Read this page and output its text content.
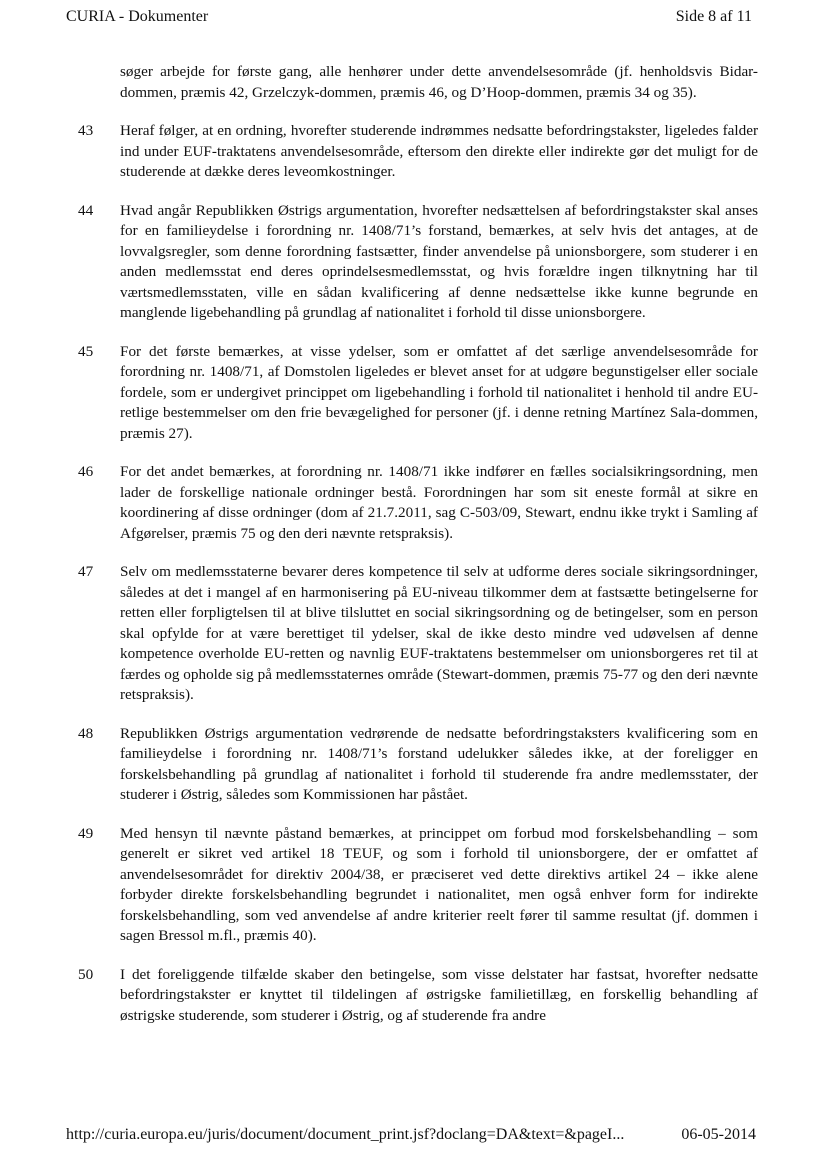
CURIA - Dokumenter	Side 8 af 11
søger arbejde for første gang, alle henhører under dette anvendelsesområde (jf. henholdsvis Bidar-dommen, præmis 42, Grzelczyk-dommen, præmis 46, og D’Hoop-dommen, præmis 34 og 35).
43	Heraf følger, at en ordning, hvorefter studerende indrømmes nedsatte befordringstakster, ligeledes falder ind under EUF-traktatens anvendelsesområde, eftersom den direkte eller indirekte gør det muligt for de studerende at dække deres leveomkostninger.
44	Hvad angår Republikken Østrigs argumentation, hvorefter nedsættelsen af befordringstakster skal anses for en familieydelse i forordning nr. 1408/71’s forstand, bemærkes, at selv hvis det antages, at de lovvalgsregler, som denne forordning fastsætter, finder anvendelse på unionsborgere, som studerer i en anden medlemsstat end deres oprindelsesmedlemsstat, og hvis forældre ingen tilknytning har til værtsmedlemsstaten, ville en sådan kvalificering af denne nedsættelse ikke kunne begrunde en manglende ligebehandling på grundlag af nationalitet i forhold til disse unionsborgere.
45	For det første bemærkes, at visse ydelser, som er omfattet af det særlige anvendelsesområde for forordning nr. 1408/71, af Domstolen ligeledes er blevet anset for at udgøre begunstigelser eller sociale fordele, som er undergivet princippet om ligebehandling i forhold til nationalitet i henhold til andre EU-retlige bestemmelser om den frie bevægelighed for personer (jf. i denne retning Martínez Sala-dommen, præmis 27).
46	For det andet bemærkes, at forordning nr. 1408/71 ikke indfører en fælles socialsikringsordning, men lader de forskellige nationale ordninger bestå. Forordningen har som sit eneste formål at sikre en koordinering af disse ordninger (dom af 21.7.2011, sag C-503/09, Stewart, endnu ikke trykt i Samling af Afgørelser, præmis 75 og den deri nævnte retspraksis).
47	Selv om medlemsstaterne bevarer deres kompetence til selv at udforme deres sociale sikringsordninger, således at det i mangel af en harmonisering på EU-niveau tilkommer dem at fastsætte betingelserne for retten eller forpligtelsen til at blive tilsluttet en social sikringsordning og de betingelser, som en person skal opfylde for at være berettiget til ydelser, skal de ikke desto mindre ved udøvelsen af denne kompetence overholde EU-retten og navnlig EUF-traktatens bestemmelser om unionsborgeres ret til at færdes og opholde sig på medlemsstaternes område (Stewart-dommen, præmis 75-77 og den deri nævnte retspraksis).
48	Republikken Østrigs argumentation vedrørende de nedsatte befordringstaksters kvalificering som en familieydelse i forordning nr. 1408/71’s forstand udelukker således ikke, at der foreligger en forskelsbehandling på grundlag af nationalitet i forhold til studerende fra andre medlemsstater, der studerer i Østrig, således som Kommissionen har påstået.
49	Med hensyn til nævnte påstand bemærkes, at princippet om forbud mod forskelsbehandling – som generelt er sikret ved artikel 18 TEUF, og som i forhold til unionsborgere, der er omfattet af anvendelsesområdet for direktiv 2004/38, er præciseret ved dette direktivs artikel 24 – ikke alene forbyder direkte forskelsbehandling begrundet i nationalitet, men også enhver form for indirekte forskelsbehandling, som ved anvendelse af andre kriterier reelt fører til samme resultat (jf. dommen i sagen Bressol m.fl., præmis 40).
50	I det foreliggende tilfælde skaber den betingelse, som visse delstater har fastsat, hvorefter nedsatte befordringstakster er knyttet til tildelingen af østrigske familietillæg, en forskellig behandling af østrigske studerende, som studerer i Østrig, og af studerende fra andre
http://curia.europa.eu/juris/document/document_print.jsf?doclang=DA&text=&pageI...	06-05-2014
